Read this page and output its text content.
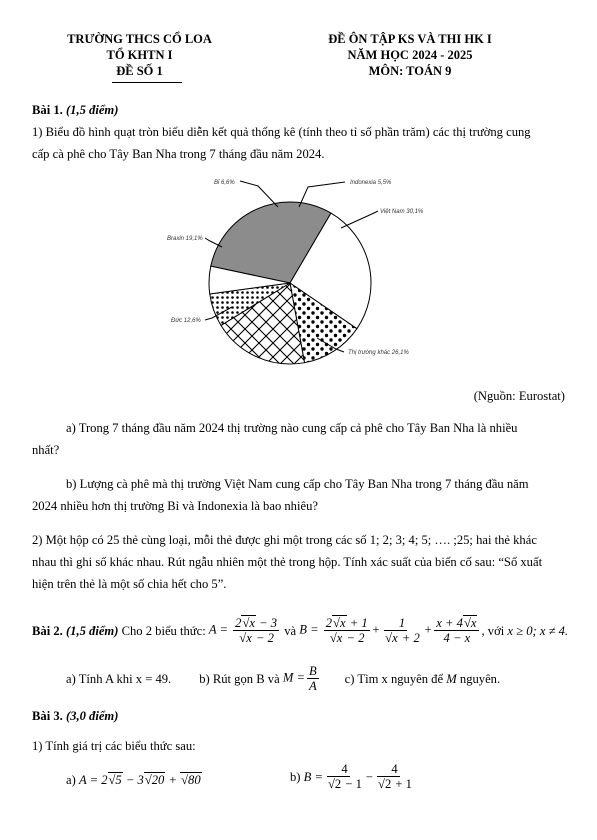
TRƯỜNG THCS CỔ LOA
TỔ KHTN I
ĐỀ SỐ 1
ĐỀ ÔN TẬP KS VÀ THI HK I
NĂM HỌC 2024 - 2025
MÔN: TOÁN 9
Bài 1. (1,5 điểm)
1) Biểu đồ hình quạt tròn biểu diễn kết quả thống kê (tính theo tỉ số phần trăm) các thị trường cung
cấp cà phê cho Tây Ban Nha trong 7 tháng đầu năm 2024.
Bỉ 6,6%	Indonexia 5,5%
Việt Nam 30,1%
Braxin 19,1%
Đức 12,6%
Thị trường khác 26,1%
(Nguồn: Eurostat)
a) Trong 7 tháng đầu năm 2024 thị trường nào cung cấp cả phê cho Tây Ban Nha là nhiều
nhất?
b) Lượng cà phê mà thị trường Việt Nam cung cấp cho Tây Ban Nha trong 7 tháng đầu năm
2024 nhiều hơn thị trường Bỉ và Indonexia là bao nhiêu?
2) Một hộp có 25 thẻ cùng loại, mỗi thẻ được ghi một trong các số 1; 2; 3; 4; 5; …. ;25; hai thẻ khác
nhau thì ghi số khác nhau. Rút ngẫu nhiên một thẻ trong hộp. Tính xác suất của biến cố sau: “Số xuất
hiện trên thẻ là một số chia hết cho 5”.
Bài 2.
(1,5 điểm)
Cho 2 biểu thức:
$A = \frac{2√x - 3}{√x - 2}$
và
$B = \frac{2√x + 1}{√x - 2} + \frac{1}{√x + 2} + \frac{x + 4√x}{4 - x}$ , với
x ≥ 0; x ≠ 4.
a) Tính A khi
x = 49. b) Rút gọn B và
$M = \frac{B}{A} c$) Tìm x nguyên để
M
nguyên.
Bài 3. (3,0 điểm)
1) Tính giá trị các biểu thức sau:
a) A = 2√5 − 3√20 + √80	b)
$B = \frac{4}{√2 - 1} - \frac{4}{√2 + 1}$
